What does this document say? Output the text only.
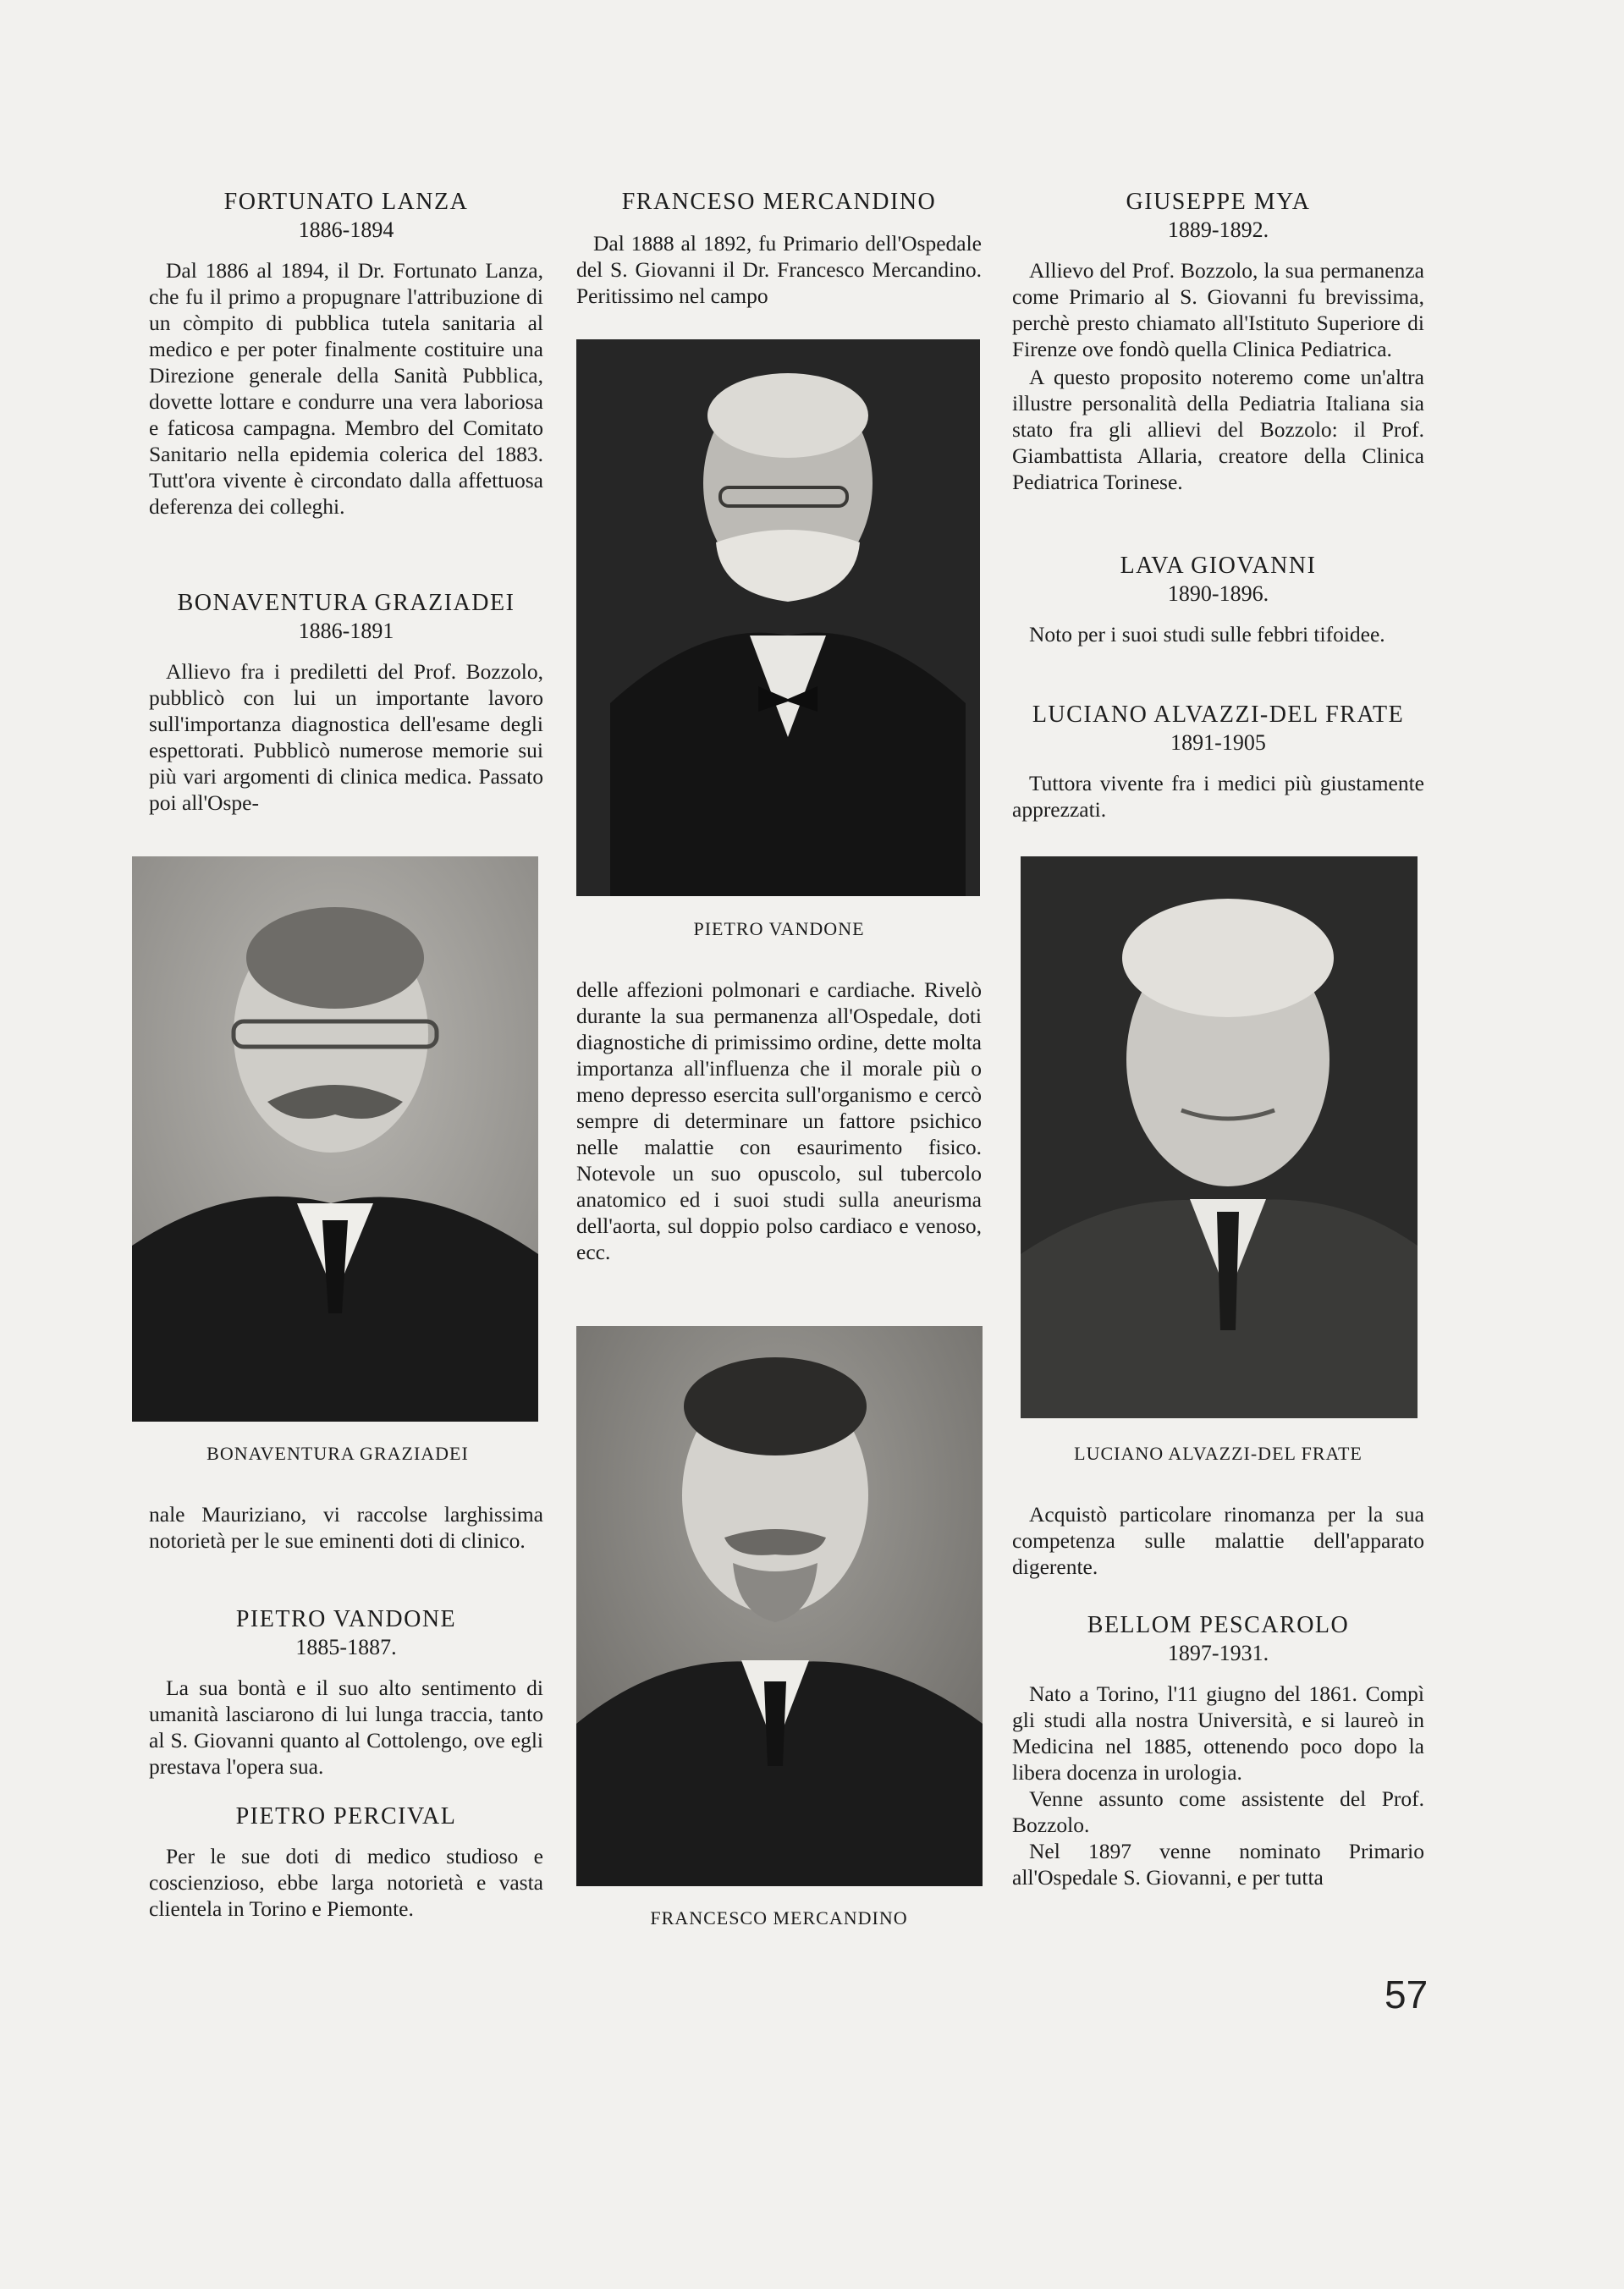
FORTUNATO LANZA

1886-1894

Dal 1886 al 1894, il Dr. Fortunato Lanza, che fu il primo a propugnare l'attribuzione di un còmpito di pubblica tutela sanitaria al medico e per poter finalmente costituire una Direzione generale della Sanità Pubblica, dovette lottare e condurre una vera laboriosa e faticosa campagna. Membro del Comitato Sanitario nella epidemia colerica del 1883. Tutt'ora vivente è circondato dalla affettuosa deferenza dei colleghi.

BONAVENTURA GRAZIADEI

1886-1891

Allievo fra i prediletti del Prof. Bozzolo, pubblicò con lui un importante lavoro sull'importanza diagnostica dell'esame degli espettorati. Pubblicò numerose memorie sui più vari argomenti di clinica medica. Passato poi all'Ospe-

BONAVENTURA GRAZIADEI

nale Mauriziano, vi raccolse larghissima notorietà per le sue eminenti doti di clinico.

PIETRO VANDONE

1885-1887.

La sua bontà e il suo alto sentimento di umanità lasciarono di lui lunga traccia, tanto al S. Giovanni quanto al Cottolengo, ove egli prestava l'opera sua.

PIETRO PERCIVAL

Per le sue doti di medico studioso e coscienzioso, ebbe larga notorietà e vasta clientela in Torino e Piemonte.

FRANCESO MERCANDINO

Dal 1888 al 1892, fu Primario dell'Ospedale del S. Giovanni il Dr. Francesco Mercandino. Peritissimo nel campo

PIETRO VANDONE

delle affezioni polmonari e cardiache. Rivelò durante la sua permanenza all'Ospedale, doti diagnostiche di primissimo ordine, dette molta importanza all'influenza che il morale più o meno depresso esercita sull'organismo e cercò sempre di determinare un fattore psichico nelle malattie con esaurimento fisico. Notevole un suo opuscolo, sul tubercolo anatomico ed i suoi studi sulla aneurisma dell'aorta, sul doppio polso cardiaco e venoso, ecc.

FRANCESCO MERCANDINO

GIUSEPPE MYA

1889-1892.

Allievo del Prof. Bozzolo, la sua permanenza come Primario al S. Giovanni fu brevissima, perchè presto chiamato all'Istituto Superiore di Firenze ove fondò quella Clinica Pediatrica.

A questo proposito noteremo come un'altra illustre personalità della Pediatria Italiana sia stato fra gli allievi del Bozzolo: il Prof. Giambattista Allaria, creatore della Clinica Pediatrica Torinese.

LAVA GIOVANNI

1890-1896.

Noto per i suoi studi sulle febbri tifoidee.

LUCIANO ALVAZZI-DEL FRATE

1891-1905

Tuttora vivente fra i medici più giustamente apprezzati.

LUCIANO ALVAZZI-DEL FRATE

Acquistò particolare rinomanza per la sua competenza sulle malattie dell'apparato digerente.

BELLOM PESCAROLO

1897-1931.

Nato a Torino, l'11 giugno del 1861. Compì gli studi alla nostra Università, e si laureò in Medicina nel 1885, ottenendo poco dopo la libera docenza in urologia.

Venne assunto come assistente del Prof. Bozzolo.

Nel 1897 venne nominato Primario all'Ospedale S. Giovanni, e per tutta

57
